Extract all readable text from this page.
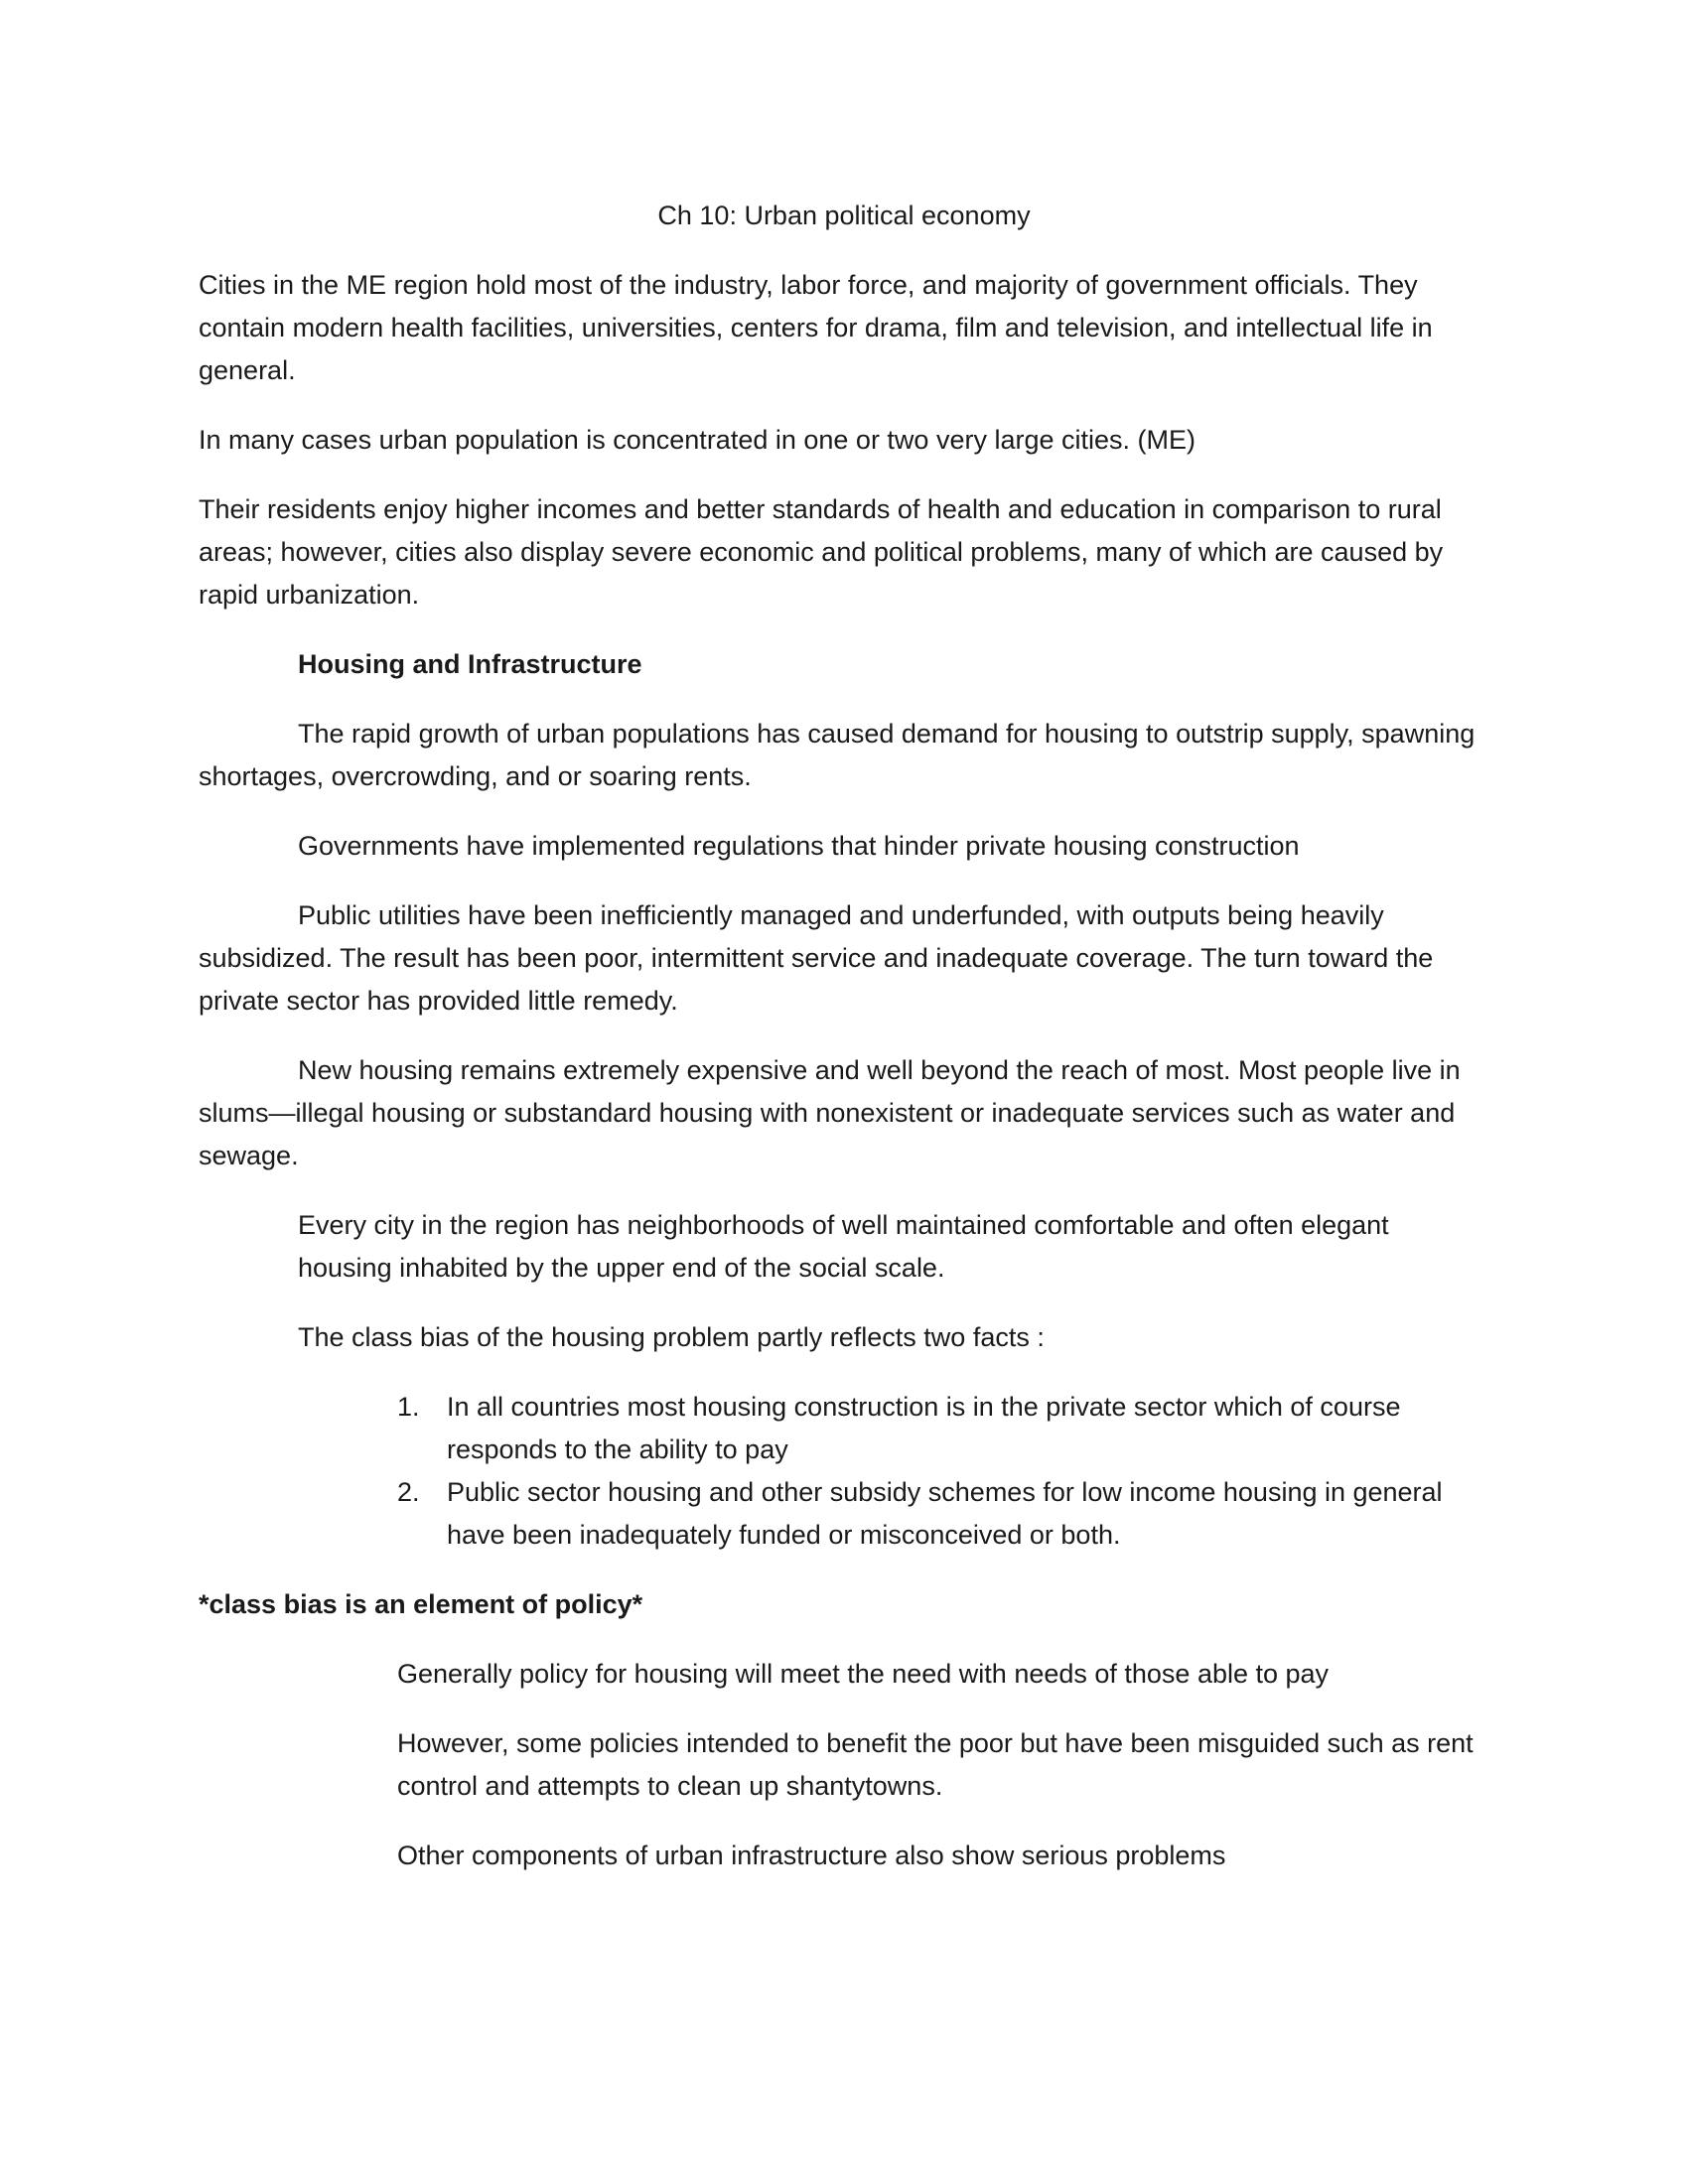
Ch 10: Urban political economy

Cities in the ME region hold most of the industry, labor force, and majority of government officials. They contain modern health facilities, universities, centers for drama, film and television, and intellectual life in general.

In many cases urban population is concentrated in one or two very large cities. (ME)

Their residents enjoy higher incomes and better standards of health and education in comparison to rural areas; however, cities also display severe economic and political problems, many of which are caused by rapid urbanization.

Housing and Infrastructure

The rapid growth of urban populations has caused demand for housing to outstrip supply, spawning shortages, overcrowding, and or soaring rents.

Governments have implemented regulations that hinder private housing construction

Public utilities have been inefficiently managed and underfunded, with outputs being heavily subsidized. The result has been poor, intermittent service and inadequate coverage. The turn toward the private sector has provided little remedy.

New housing remains extremely expensive and well beyond the reach of most. Most people live in slums—illegal housing or substandard housing with nonexistent or inadequate services such as water and sewage.

Every city in the region has neighborhoods of well maintained comfortable and often elegant housing inhabited by the upper end of the social scale.

The class bias of the housing problem partly reflects two facts :

1. In all countries most housing construction is in the private sector which of course responds to the ability to pay
2. Public sector housing and other subsidy schemes for low income housing in general have been inadequately funded or misconceived or both.

*class bias is an element of policy*

Generally policy for housing will meet the need with needs of those able to pay

However, some policies intended to benefit the poor but have been misguided such as rent control and attempts to clean up shantytowns.

Other components of urban infrastructure also show serious problems
